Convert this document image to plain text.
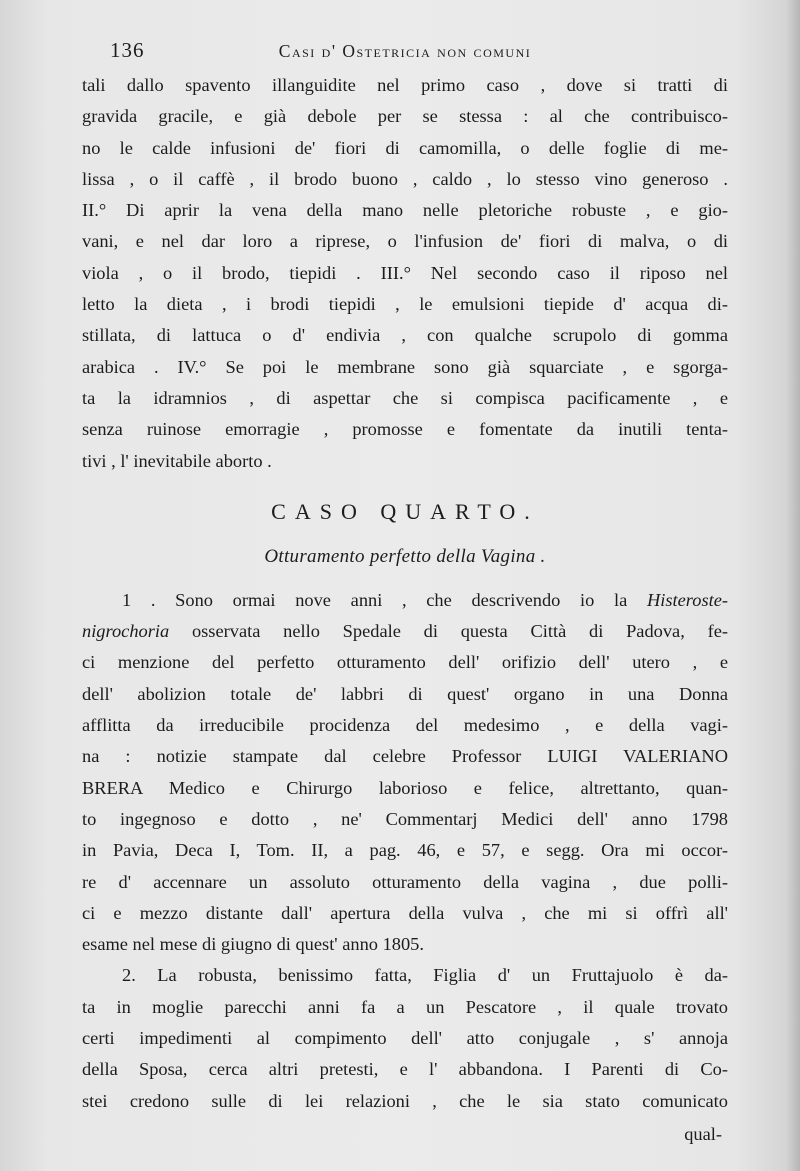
136	Casi d' Ostetricia non comuni
tali dallo spavento illanguidite nel primo caso , dove si tratti di
gravida gracile, e già debole per se stessa : al che contribuisco-
no le calde infusioni de' fiori di camomilla, o delle foglie di me-
lissa , o il caffè , il brodo buono , caldo , lo stesso vino generoso .
II.° Di aprir la vena della mano nelle pletoriche robuste , e gio-
vani, e nel dar loro a riprese, o l'infusion de' fiori di malva, o di
viola , o il brodo, tiepidi . III.° Nel secondo caso il riposo nel
letto la dieta , i brodi tiepidi , le emulsioni tiepide d' acqua di-
stillata, di lattuca o d' endivia , con qualche scrupolo di gomma
arabica . IV.° Se poi le membrane sono già squarciate , e sgorga-
ta la idramnios , di aspettar che si compisca pacificamente , e
senza ruinose emorragie , promosse e fomentate da inutili tenta-
tivi , l' inevitabile aborto .
CASO QUARTO.
Otturamento perfetto della Vagina .
1 . Sono ormai nove anni , che descrivendo io la Histeroste-
nigrochoria osservata nello Spedale di questa Città di Padova, fe-
ci menzione del perfetto otturamento dell' orifizio dell' utero , e
dell' abolizion totale de' labbri di quest' organo in una Donna
afflitta da irreducibile procidenza del medesimo , e della vagi-
na : notizie stampate dal celebre Professor LUIGI VALERIANO
BRERA Medico e Chirurgo laborioso e felice, altrettanto, quan-
to ingegnoso e dotto , ne' Commentarj Medici dell' anno 1798
in Pavia, Deca I, Tom. II, a pag. 46, e 57, e segg. Ora mi occor-
re d' accennare un assoluto otturamento della vagina , due polli-
ci e mezzo distante dall' apertura della vulva , che mi si offrì all'
esame nel mese di giugno di quest' anno 1805.
2. La robusta, benissimo fatta, Figlia d' un Fruttajuolo è da-
ta in moglie parecchi anni fa a un Pescatore , il quale trovato
certi impedimenti al compimento dell' atto conjugale , s' annoja
della Sposa, cerca altri pretesti, e l' abbandona. I Parenti di Co-
stei credono sulle di lei relazioni , che le sia stato comunicato
qual-
